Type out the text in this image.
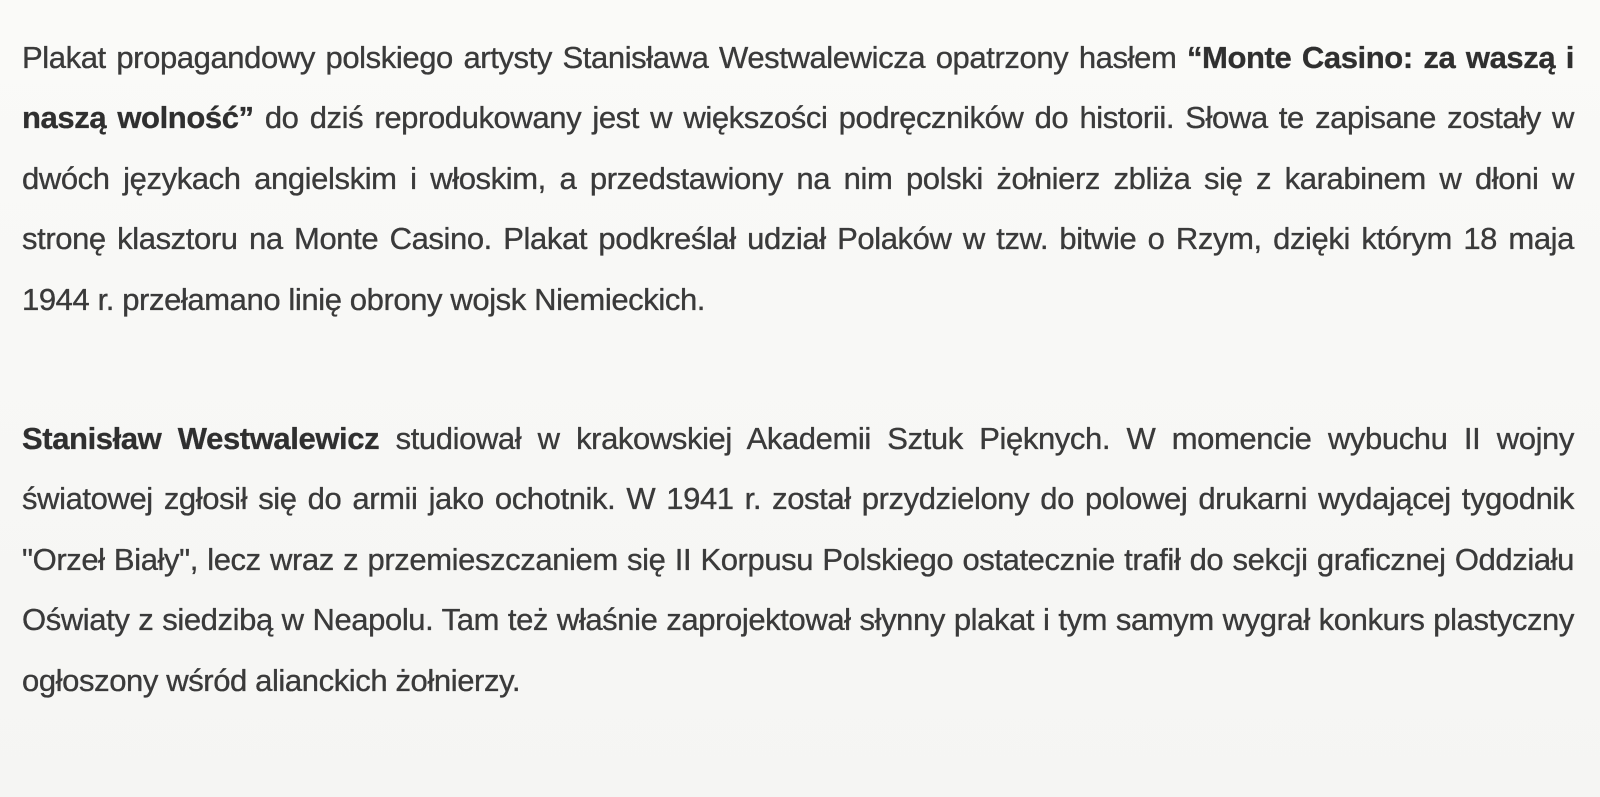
Plakat propagandowy polskiego artysty Stanisława Westwalewicza opatrzony hasłem “Monte Casino: za waszą i naszą wolność” do dziś reprodukowany jest w większości podręczników do historii. Słowa te zapisane zostały w dwóch językach angielskim i włoskim, a przedstawiony na nim polski żołnierz zbliża się z karabinem w dłoni w stronę klasztoru na Monte Casino. Plakat podkreślał udział Polaków w tzw. bitwie o Rzym, dzięki którym 18 maja 1944 r. przełamano linię obrony wojsk Niemieckich.

Stanisław Westwalewicz studiował w krakowskiej Akademii Sztuk Pięknych. W momencie wybuchu II wojny światowej zgłosił się do armii jako ochotnik. W 1941 r. został przydzielony do polowej drukarni wydającej tygodnik "Orzeł Biały", lecz wraz z przemieszczaniem się II Korpusu Polskiego ostatecznie trafił do sekcji graficznej Oddziału Oświaty z siedzibą w Neapolu. Tam też właśnie zaprojektował słynny plakat i tym samym wygrał konkurs plastyczny ogłoszony wśród alianckich żołnierzy.
